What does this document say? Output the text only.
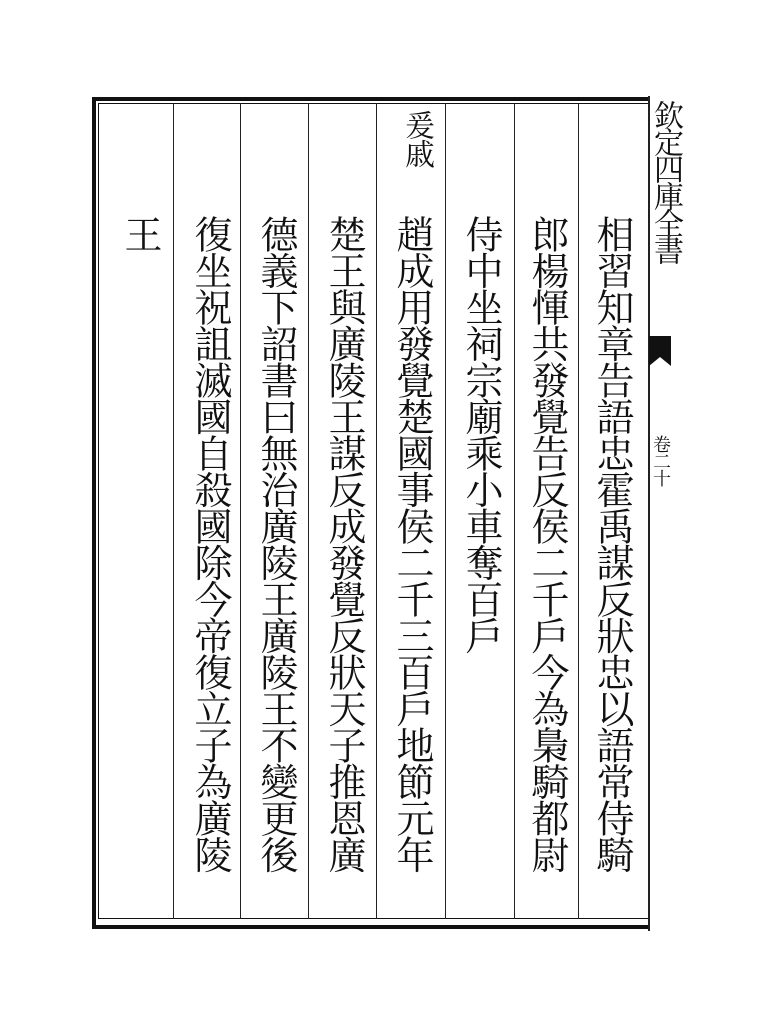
爰戚
相習知章告語忠霍禹謀反狀忠以語常侍騎
郎楊惲共發覺告反侯二千戶今為梟騎都尉
侍中坐祠宗廟乘小車奪百戶
趙成用發覺楚國事侯二千三百戶地節元年
楚王與廣陵王謀反成發覺反狀天子推恩廣
德義下詔書曰無治廣陵王廣陵王不變更後
復坐祝詛滅國自殺國除今帝復立子為廣陵
王	欽定四庫全書
卷二十
